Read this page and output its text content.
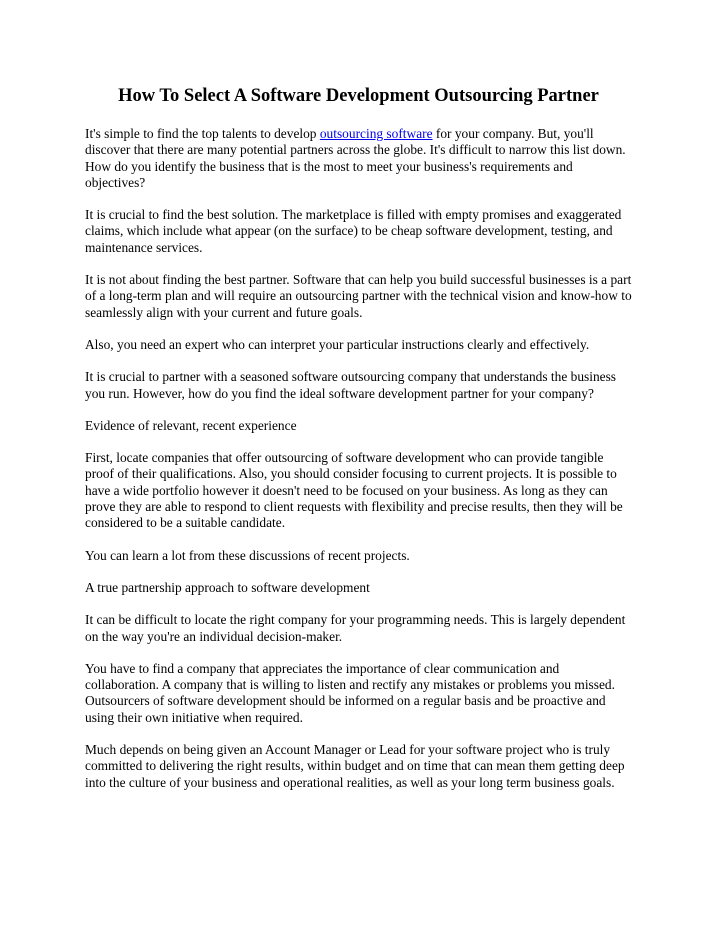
How To Select A Software Development Outsourcing Partner

It's simple to find the top talents to develop outsourcing software for your company. But, you'll discover that there are many potential partners across the globe. It's difficult to narrow this list down. How do you identify the business that is the most to meet your business's requirements and objectives?

It is crucial to find the best solution. The marketplace is filled with empty promises and exaggerated claims, which include what appear (on the surface) to be cheap software development, testing, and maintenance services.

It is not about finding the best partner. Software that can help you build successful businesses is a part of a long-term plan and will require an outsourcing partner with the technical vision and know-how to seamlessly align with your current and future goals.

Also, you need an expert who can interpret your particular instructions clearly and effectively.

It is crucial to partner with a seasoned software outsourcing company that understands the business you run. However, how do you find the ideal software development partner for your company?

Evidence of relevant, recent experience

First, locate companies that offer outsourcing of software development who can provide tangible proof of their qualifications. Also, you should consider focusing to current projects. It is possible to have a wide portfolio however it doesn't need to be focused on your business. As long as they can prove they are able to respond to client requests with flexibility and precise results, then they will be considered to be a suitable candidate.

You can learn a lot from these discussions of recent projects.

A true partnership approach to software development

It can be difficult to locate the right company for your programming needs. This is largely dependent on the way you're an individual decision-maker.

You have to find a company that appreciates the importance of clear communication and collaboration. A company that is willing to listen and rectify any mistakes or problems you missed. Outsourcers of software development should be informed on a regular basis and be proactive and using their own initiative when required.

Much depends on being given an Account Manager or Lead for your software project who is truly committed to delivering the right results, within budget and on time that can mean them getting deep into the culture of your business and operational realities, as well as your long term business goals.
